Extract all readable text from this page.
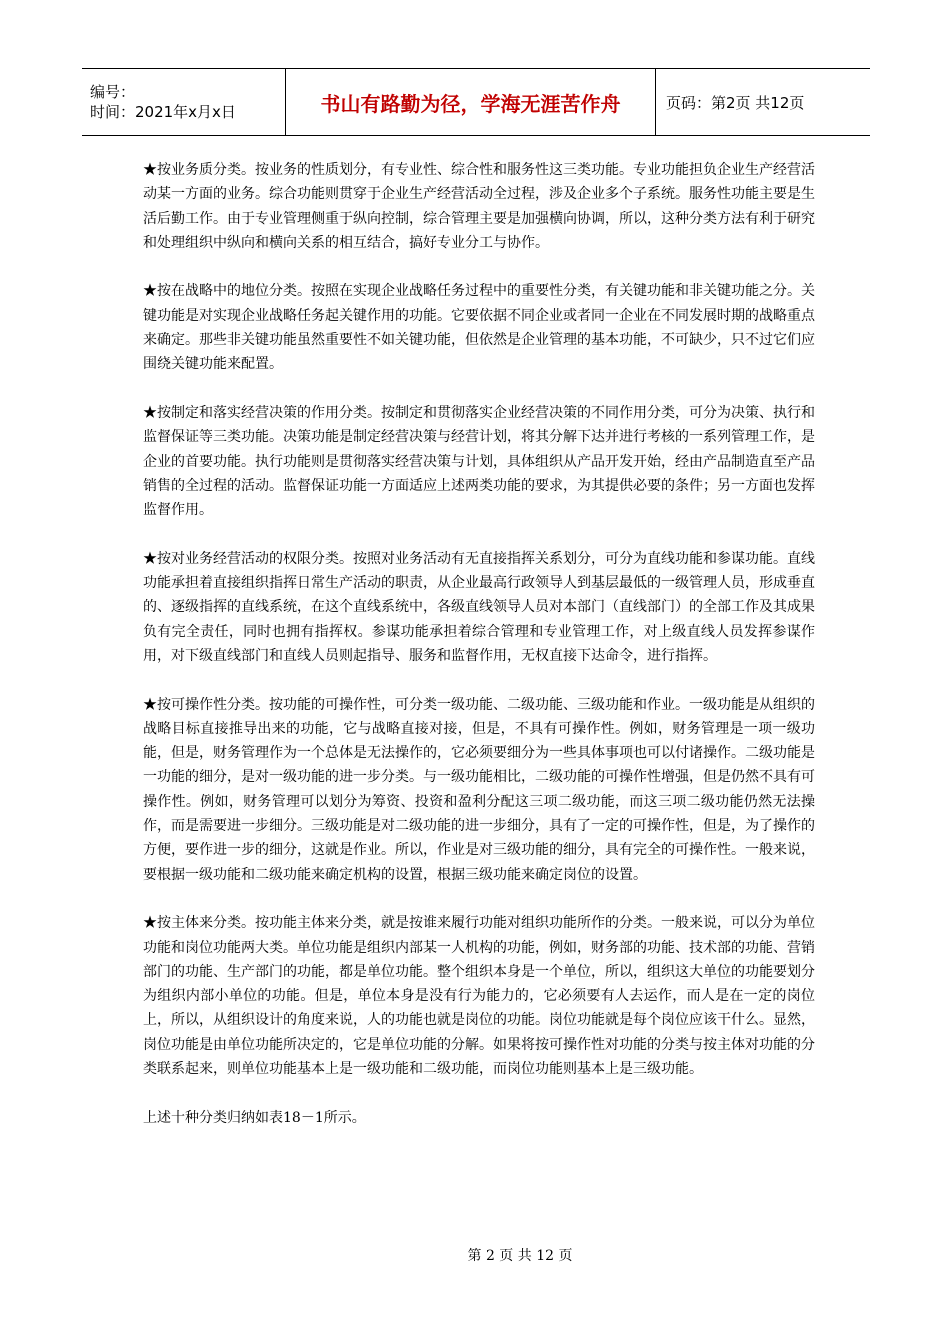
编号：
时间：2021年x月x日	书山有路勤为径，学海无涯苦作舟	页码：第2页 共12页

★按业务质分类。按业务的性质划分，有专业性、综合性和服务性这三类功能。专业功能担负企业生产经营活动某一方面的业务。综合功能则贯穿于企业生产经营活动全过程，涉及企业多个子系统。服务性功能主要是生活后勤工作。由于专业管理侧重于纵向控制，综合管理主要是加强横向协调，所以，这种分类方法有利于研究和处理组织中纵向和横向关系的相互结合，搞好专业分工与协作。

★按在战略中的地位分类。按照在实现企业战略任务过程中的重要性分类，有关键功能和非关键功能之分。关键功能是对实现企业战略任务起关键作用的功能。它要依据不同企业或者同一企业在不同发展时期的战略重点来确定。那些非关键功能虽然重要性不如关键功能，但依然是企业管理的基本功能，不可缺少，只不过它们应围绕关键功能来配置。

★按制定和落实经营决策的作用分类。按制定和贯彻落实企业经营决策的不同作用分类，可分为决策、执行和监督保证等三类功能。决策功能是制定经营决策与经营计划，将其分解下达并进行考核的一系列管理工作，是企业的首要功能。执行功能则是贯彻落实经营决策与计划，具体组织从产品开发开始，经由产品制造直至产品销售的全过程的活动。监督保证功能一方面适应上述两类功能的要求，为其提供必要的条件；另一方面也发挥监督作用。

★按对业务经营活动的权限分类。按照对业务活动有无直接指挥关系划分，可分为直线功能和参谋功能。直线功能承担着直接组织指挥日常生产活动的职责，从企业最高行政领导人到基层最低的一级管理人员，形成垂直的、逐级指挥的直线系统，在这个直线系统中，各级直线领导人员对本部门（直线部门）的全部工作及其成果负有完全责任，同时也拥有指挥权。参谋功能承担着综合管理和专业管理工作，对上级直线人员发挥参谋作用，对下级直线部门和直线人员则起指导、服务和监督作用，无权直接下达命令，进行指挥。

★按可操作性分类。按功能的可操作性，可分类一级功能、二级功能、三级功能和作业。一级功能是从组织的战略目标直接推导出来的功能，它与战略直接对接，但是，不具有可操作性。例如，财务管理是一项一级功能，但是，财务管理作为一个总体是无法操作的，它必须要细分为一些具体事项也可以付诸操作。二级功能是一功能的细分，是对一级功能的进一步分类。与一级功能相比，二级功能的可操作性增强，但是仍然不具有可操作性。例如，财务管理可以划分为筹资、投资和盈利分配这三项二级功能，而这三项二级功能仍然无法操作，而是需要进一步细分。三级功能是对二级功能的进一步细分，具有了一定的可操作性，但是，为了操作的方便，要作进一步的细分，这就是作业。所以，作业是对三级功能的细分，具有完全的可操作性。一般来说，要根据一级功能和二级功能来确定机构的设置，根据三级功能来确定岗位的设置。

★按主体来分类。按功能主体来分类，就是按谁来履行功能对组织功能所作的分类。一般来说，可以分为单位功能和岗位功能两大类。单位功能是组织内部某一人机构的功能，例如，财务部的功能、技术部的功能、营销部门的功能、生产部门的功能，都是单位功能。整个组织本身是一个单位，所以，组织这大单位的功能要划分为组织内部小单位的功能。但是，单位本身是没有行为能力的，它必须要有人去运作，而人是在一定的岗位上，所以，从组织设计的角度来说，人的功能也就是岗位的功能。岗位功能就是每个岗位应该干什么。显然，岗位功能是由单位功能所决定的，它是单位功能的分解。如果将按可操作性对功能的分类与按主体对功能的分类联系起来，则单位功能基本上是一级功能和二级功能，而岗位功能则基本上是三级功能。

上述十种分类归纳如表18－1所示。

第 2 页 共 12 页
